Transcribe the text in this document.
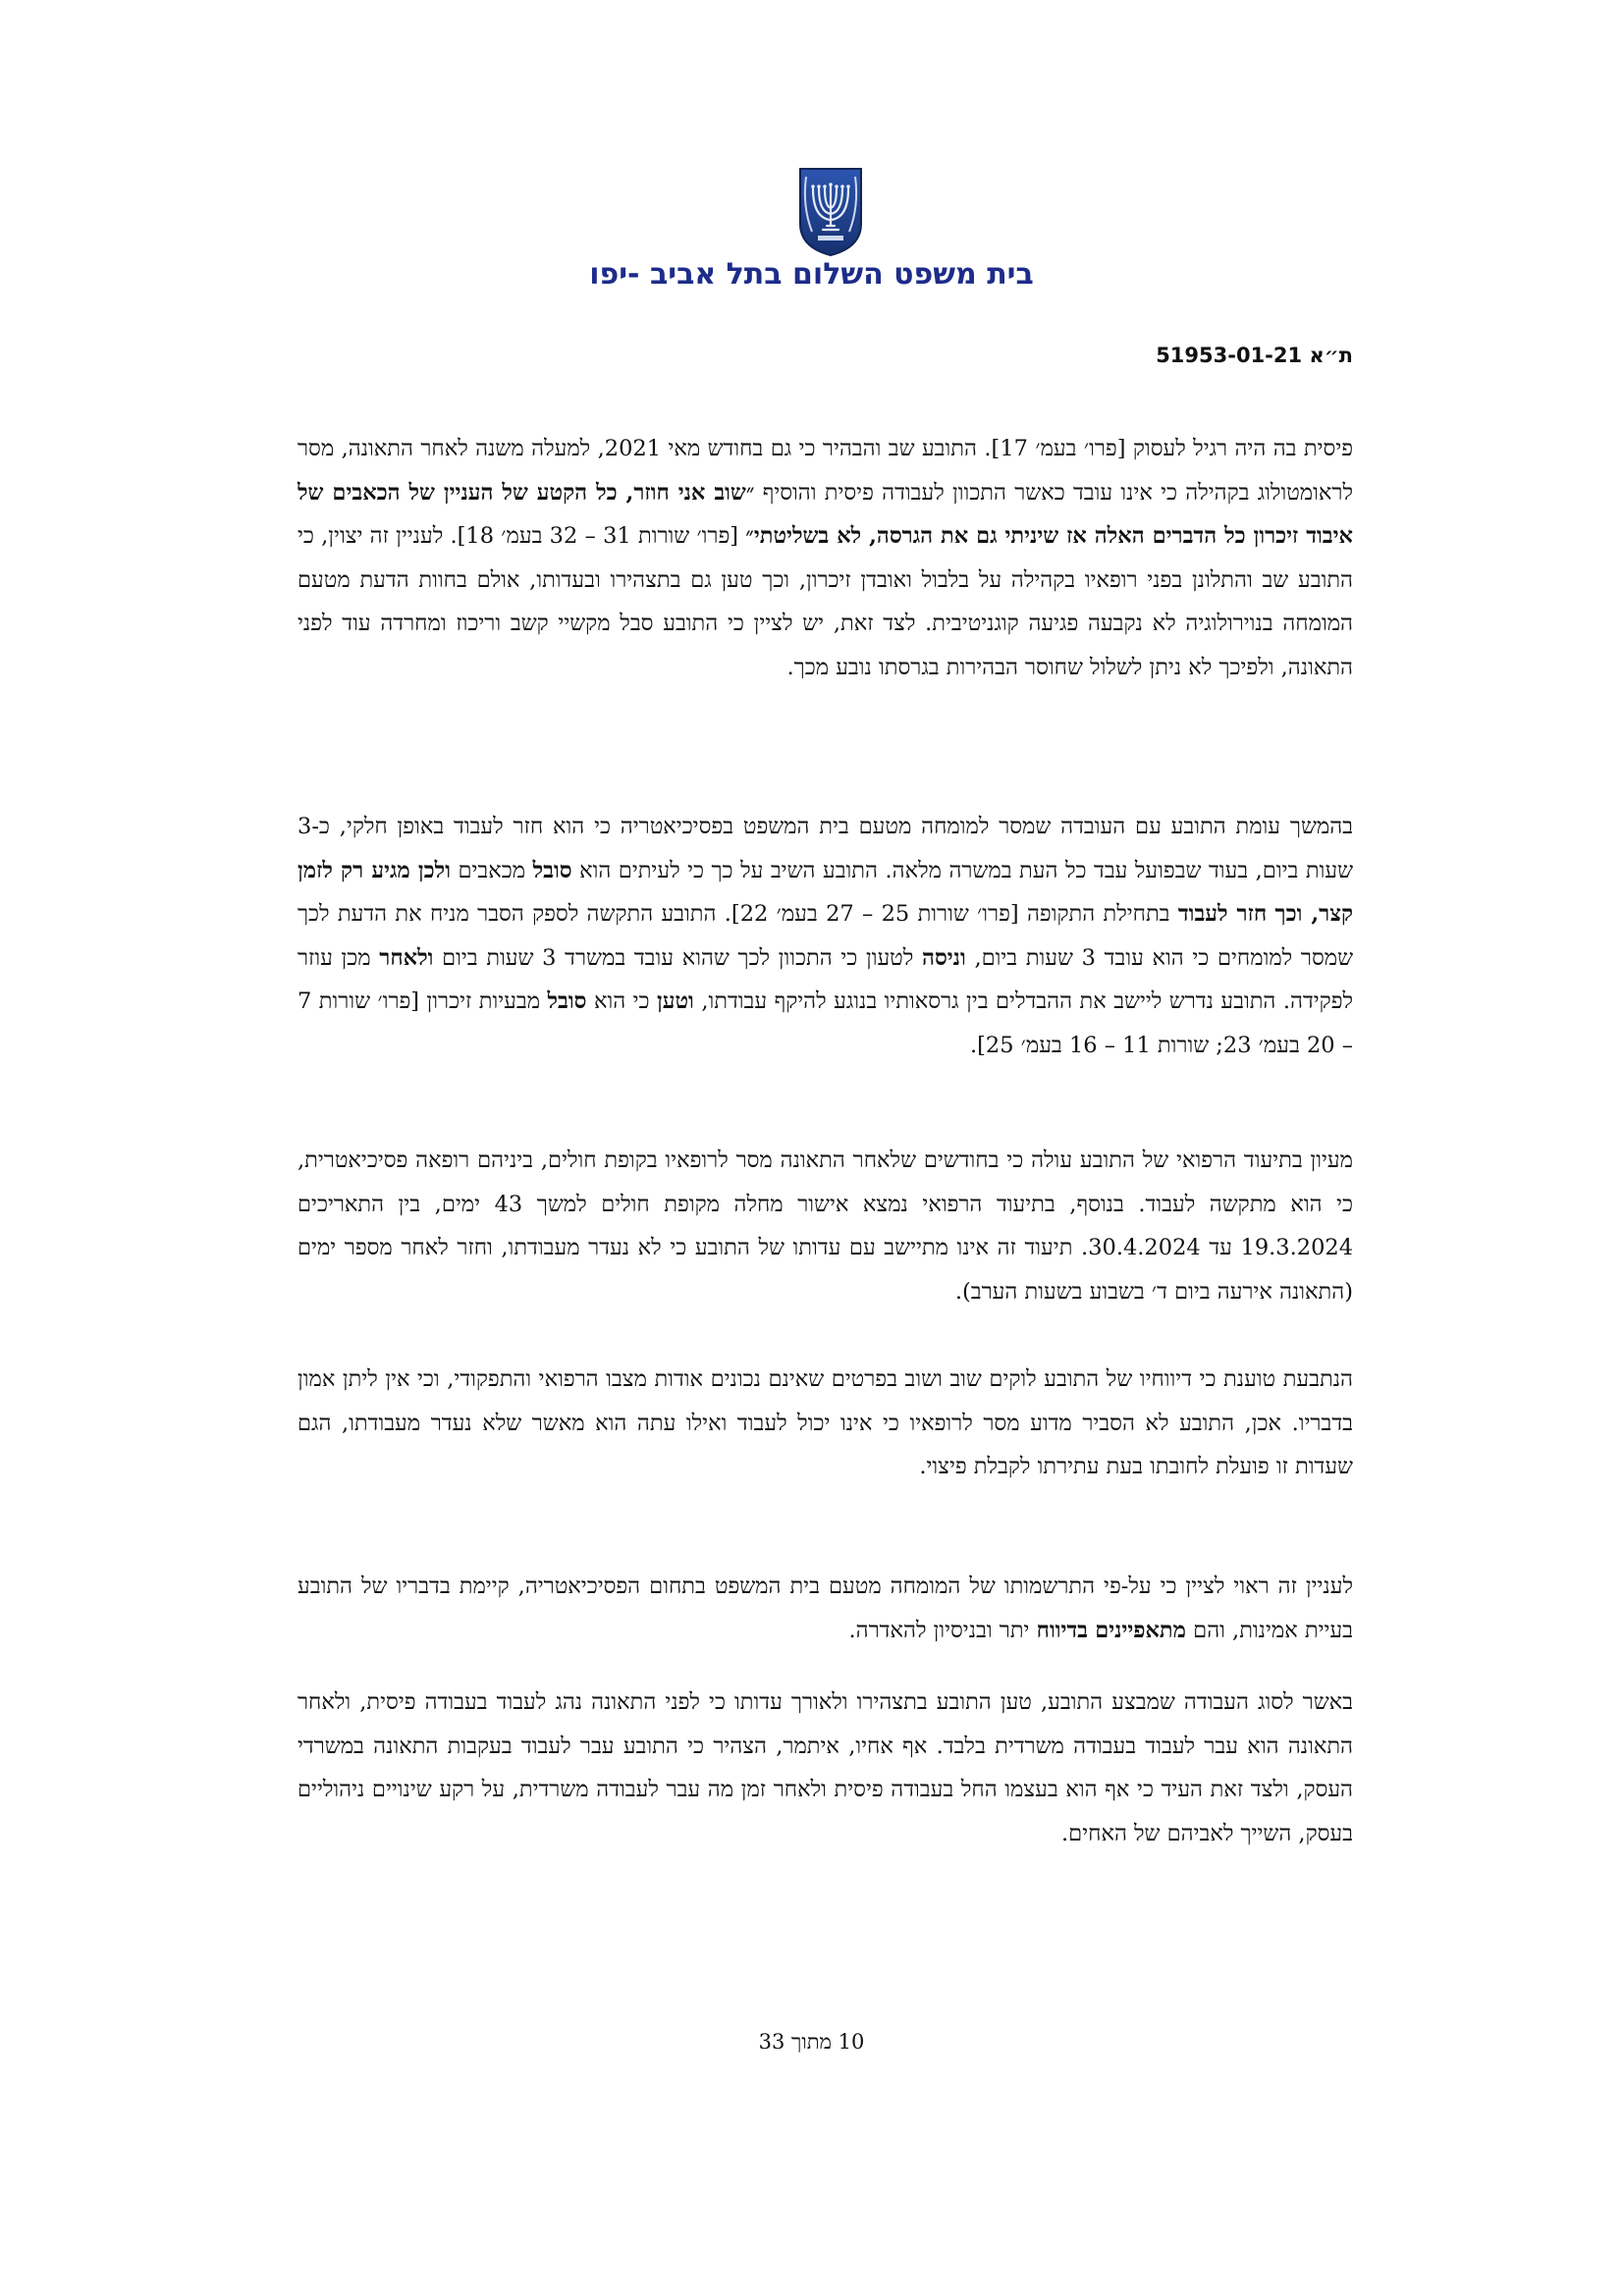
בית משפט השלום בתל אביב -יפו
ת״א 51953-01-21

פיסית בה היה רגיל לעסוק [פרו׳ בעמ׳ 17]. התובע שב והבהיר כי גם בחודש מאי 2021, למעלה משנה לאחר התאונה, מסר לראומטולוג בקהילה כי אינו עובד כאשר התכוון לעבודה פיסית והוסיף ״שוב אני חוזר, כל הקטע של העניין של הכאבים של איבוד זיכרון כל הדברים האלה אז שיניתי גם את הגרסה, לא בשליטתי״ [פרו׳ שורות 31 – 32 בעמ׳ 18]. לעניין זה יצוין, כי התובע שב והתלונן בפני רופאיו בקהילה על בלבול ואובדן זיכרון, וכך טען גם בתצהירו ובעדותו, אולם בחוות הדעת מטעם המומחה בנוירולוגיה לא נקבעה פגיעה קוגניטיבית. לצד זאת, יש לציין כי התובע סבל מקשיי קשב וריכוז ומחרדה עוד לפני התאונה, ולפיכך לא ניתן לשלול שחוסר הבהירות בגרסתו נובע מכך.

בהמשך עומת התובע עם העובדה שמסר למומחה מטעם בית המשפט בפסיכיאטריה כי הוא חזר לעבוד באופן חלקי, כ-3 שעות ביום, בעוד שבפועל עבד כל העת במשרה מלאה. התובע השיב על כך כי לעיתים הוא סובל מכאבים ולכן מגיע רק לזמן קצר, וכך חזר לעבוד בתחילת התקופה [פרו׳ שורות 25 – 27 בעמ׳ 22]. התובע התקשה לספק הסבר מניח את הדעת לכך שמסר למומחים כי הוא עובד 3 שעות ביום, וניסה לטעון כי התכוון לכך שהוא עובד במשרד 3 שעות ביום ולאחר מכן עוזר לפקידה. התובע נדרש ליישב את ההבדלים בין גרסאותיו בנוגע להיקף עבודתו, וטען כי הוא סובל מבעיות זיכרון [פרו׳ שורות 7 – 20 בעמ׳ 23; שורות 11 – 16 בעמ׳ 25].

מעיון בתיעוד הרפואי של התובע עולה כי בחודשים שלאחר התאונה מסר לרופאיו בקופת חולים, ביניהם רופאה פסיכיאטרית, כי הוא מתקשה לעבוד. בנוסף, בתיעוד הרפואי נמצא אישור מחלה מקופת חולים למשך 43 ימים, בין התאריכים 19.3.2024 עד 30.4.2024. תיעוד זה אינו מתיישב עם עדותו של התובע כי לא נעדר מעבודתו, וחזר לאחר מספר ימים (התאונה אירעה ביום ד׳ בשבוע בשעות הערב).

הנתבעת טוענת כי דיווחיו של התובע לוקים שוב ושוב בפרטים שאינם נכונים אודות מצבו הרפואי והתפקודי, וכי אין ליתן אמון בדבריו. אכן, התובע לא הסביר מדוע מסר לרופאיו כי אינו יכול לעבוד ואילו עתה הוא מאשר שלא נעדר מעבודתו, הגם שעדות זו פועלת לחובתו בעת עתירתו לקבלת פיצוי.

לעניין זה ראוי לציין כי על-פי התרשמותו של המומחה מטעם בית המשפט בתחום הפסיכיאטריה, קיימת בדבריו של התובע בעיית אמינות, והם מתאפיינים בדיווח יתר ובניסיון להאדרה.

באשר לסוג העבודה שמבצע התובע, טען התובע בתצהירו ולאורך עדותו כי לפני התאונה נהג לעבוד בעבודה פיסית, ולאחר התאונה הוא עבר לעבוד בעבודה משרדית בלבד. אף אחיו, איתמר, הצהיר כי התובע עבר לעבוד בעקבות התאונה במשרדי העסק, ולצד זאת העיד כי אף הוא בעצמו החל בעבודה פיסית ולאחר זמן מה עבר לעבודה משרדית, על רקע שינויים ניהוליים בעסק, השייך לאביהם של האחים.

10 מתוך 33
